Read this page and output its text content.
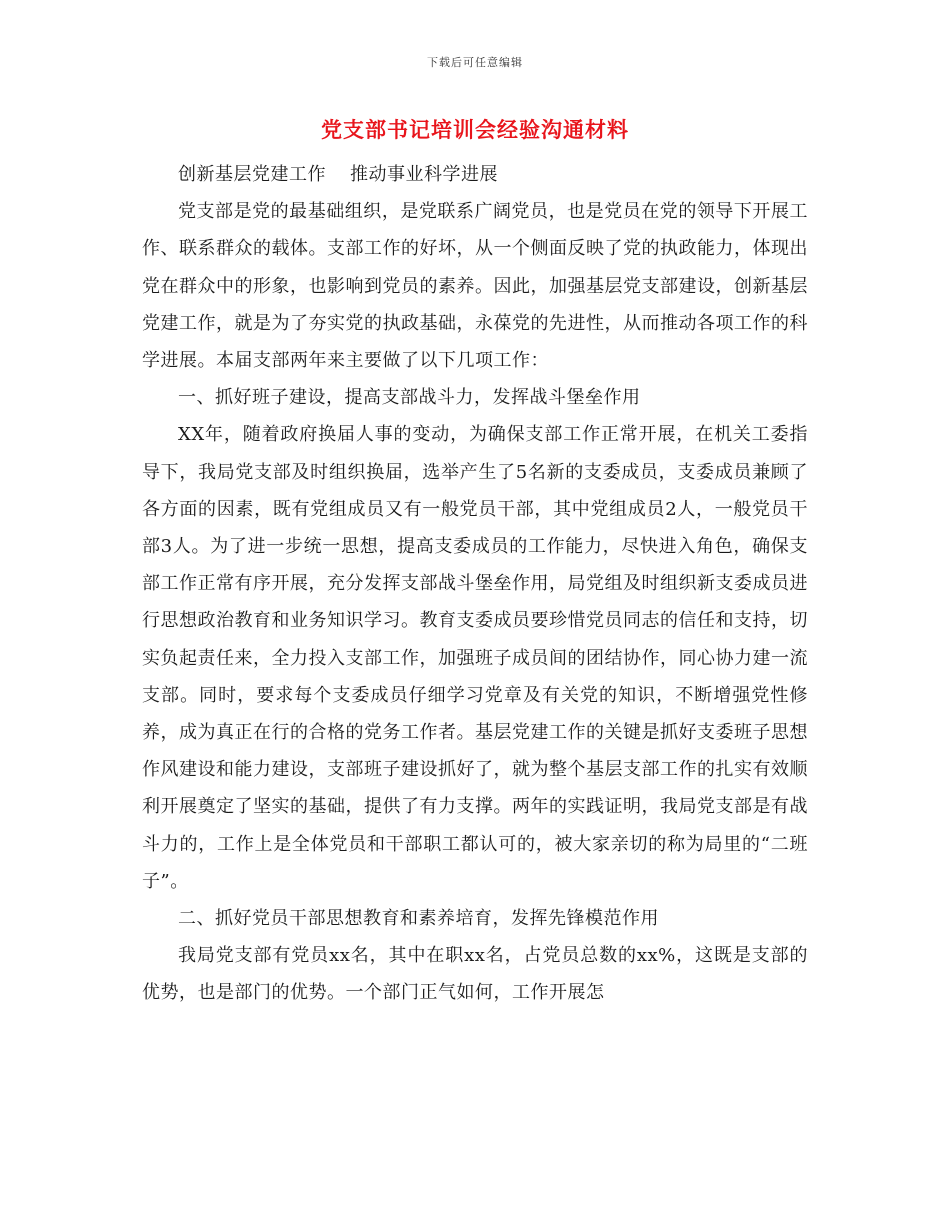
下载后可任意编辑
党支部书记培训会经验沟通材料

创新基层党建工作 推动事业科学进展

党支部是党的最基础组织，是党联系广阔党员，也是党员在党的领导下开展工作、联系群众的载体。支部工作的好坏，从一个侧面反映了党的执政能力，体现出党在群众中的形象，也影响到党员的素养。因此，加强基层党支部建设，创新基层党建工作，就是为了夯实党的执政基础，永葆党的先进性，从而推动各项工作的科学进展。本届支部两年来主要做了以下几项工作：

一、抓好班子建设，提高支部战斗力，发挥战斗堡垒作用

XX年，随着政府换届人事的变动，为确保支部工作正常开展，在机关工委指导下，我局党支部及时组织换届，选举产生了5名新的支委成员，支委成员兼顾了各方面的因素，既有党组成员又有一般党员干部，其中党组成员2人，一般党员干部3人。为了进一步统一思想，提高支委成员的工作能力，尽快进入角色，确保支部工作正常有序开展，充分发挥支部战斗堡垒作用，局党组及时组织新支委成员进行思想政治教育和业务知识学习。教育支委成员要珍惜党员同志的信任和支持，切实负起责任来，全力投入支部工作，加强班子成员间的团结协作，同心协力建一流支部。同时，要求每个支委成员仔细学习党章及有关党的知识，不断增强党性修养，成为真正在行的合格的党务工作者。基层党建工作的关键是抓好支委班子思想作风建设和能力建设，支部班子建设抓好了，就为整个基层支部工作的扎实有效顺利开展奠定了坚实的基础，提供了有力支撑。两年的实践证明，我局党支部是有战斗力的，工作上是全体党员和干部职工都认可的，被大家亲切的称为局里的“二班子”。

二、抓好党员干部思想教育和素养培育，发挥先锋模范作用

我局党支部有党员xx名，其中在职xx名，占党员总数的xx%，这既是支部的优势，也是部门的优势。一个部门正气如何，工作开展怎
